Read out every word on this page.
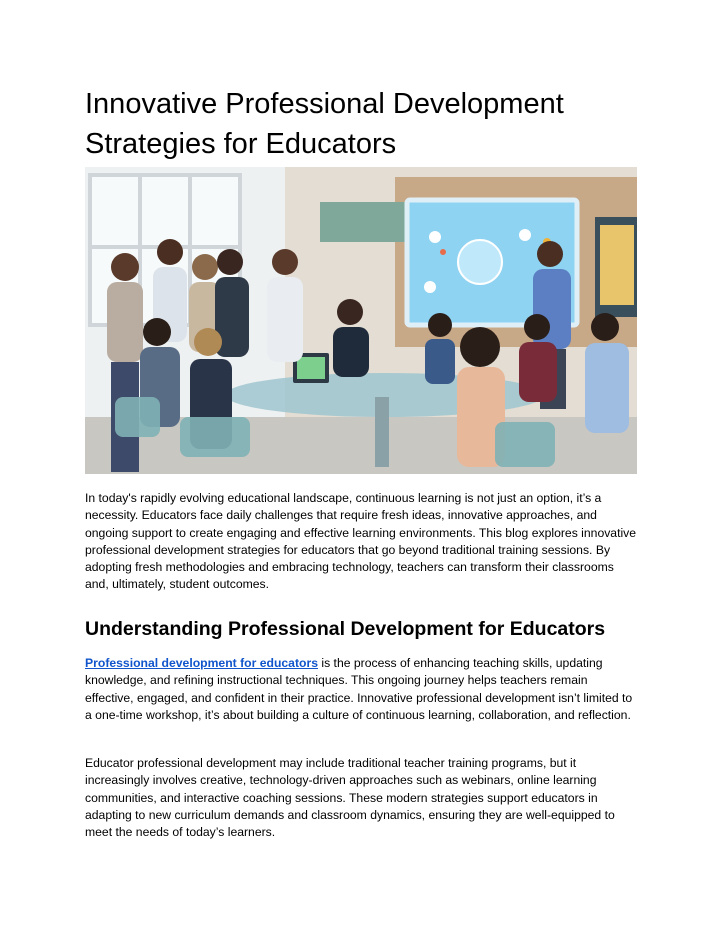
Innovative Professional Development Strategies for Educators

In today's rapidly evolving educational landscape, continuous learning is not just an option, it’s a necessity. Educators face daily challenges that require fresh ideas, innovative approaches, and ongoing support to create engaging and effective learning environments. This blog explores innovative professional development strategies for educators that go beyond traditional training sessions. By adopting fresh methodologies and embracing technology, teachers can transform their classrooms and, ultimately, student outcomes.

Understanding Professional Development for Educators

Professional development for educators is the process of enhancing teaching skills, updating knowledge, and refining instructional techniques. This ongoing journey helps teachers remain effective, engaged, and confident in their practice. Innovative professional development isn’t limited to a one-time workshop, it’s about building a culture of continuous learning, collaboration, and reflection.

Educator professional development may include traditional teacher training programs, but it increasingly involves creative, technology-driven approaches such as webinars, online learning communities, and interactive coaching sessions. These modern strategies support educators in adapting to new curriculum demands and classroom dynamics, ensuring they are well-equipped to meet the needs of today’s learners.
